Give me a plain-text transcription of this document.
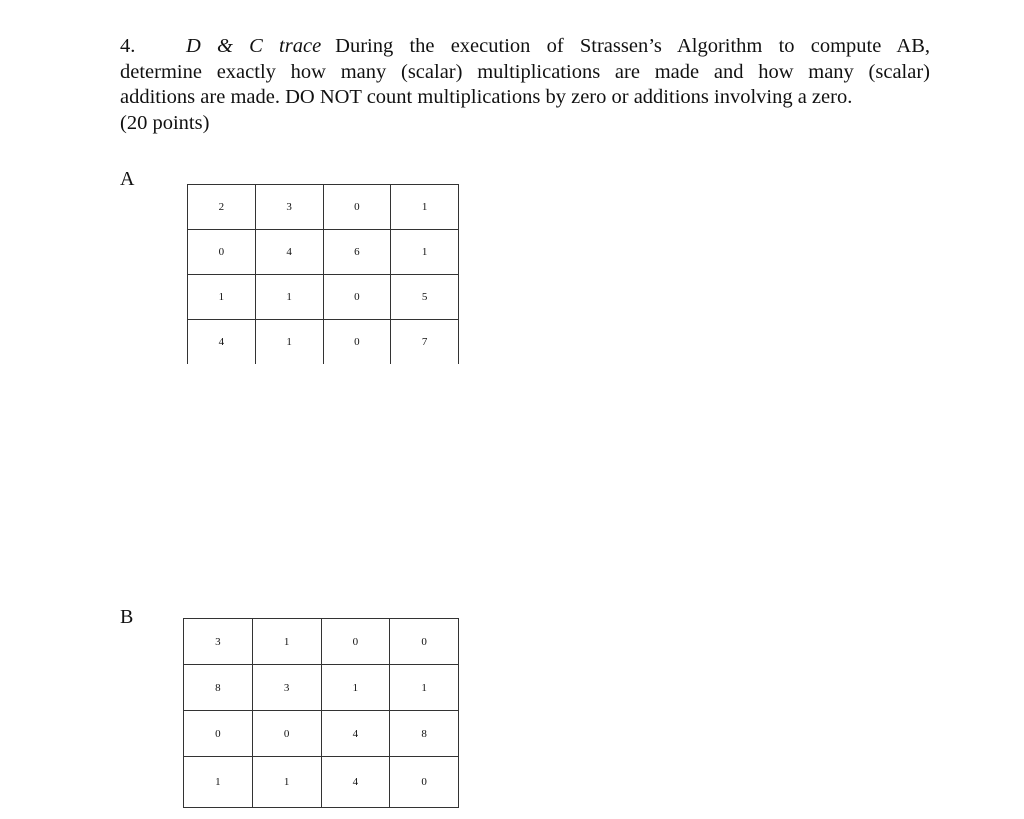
4. D & C trace During the execution of Strassen’s Algorithm to compute AB,
determine exactly how many (scalar) multiplications are made and how many (scalar)
additions are made. DO NOT count multiplications by zero or additions involving a zero.
(20 points)
A
2	3	0	1
0	4	6	1
1	1	0	5
4	1	0	7
B
3	1	0	0
8	3	1	1
0	0	4	8
1	1	4	0
